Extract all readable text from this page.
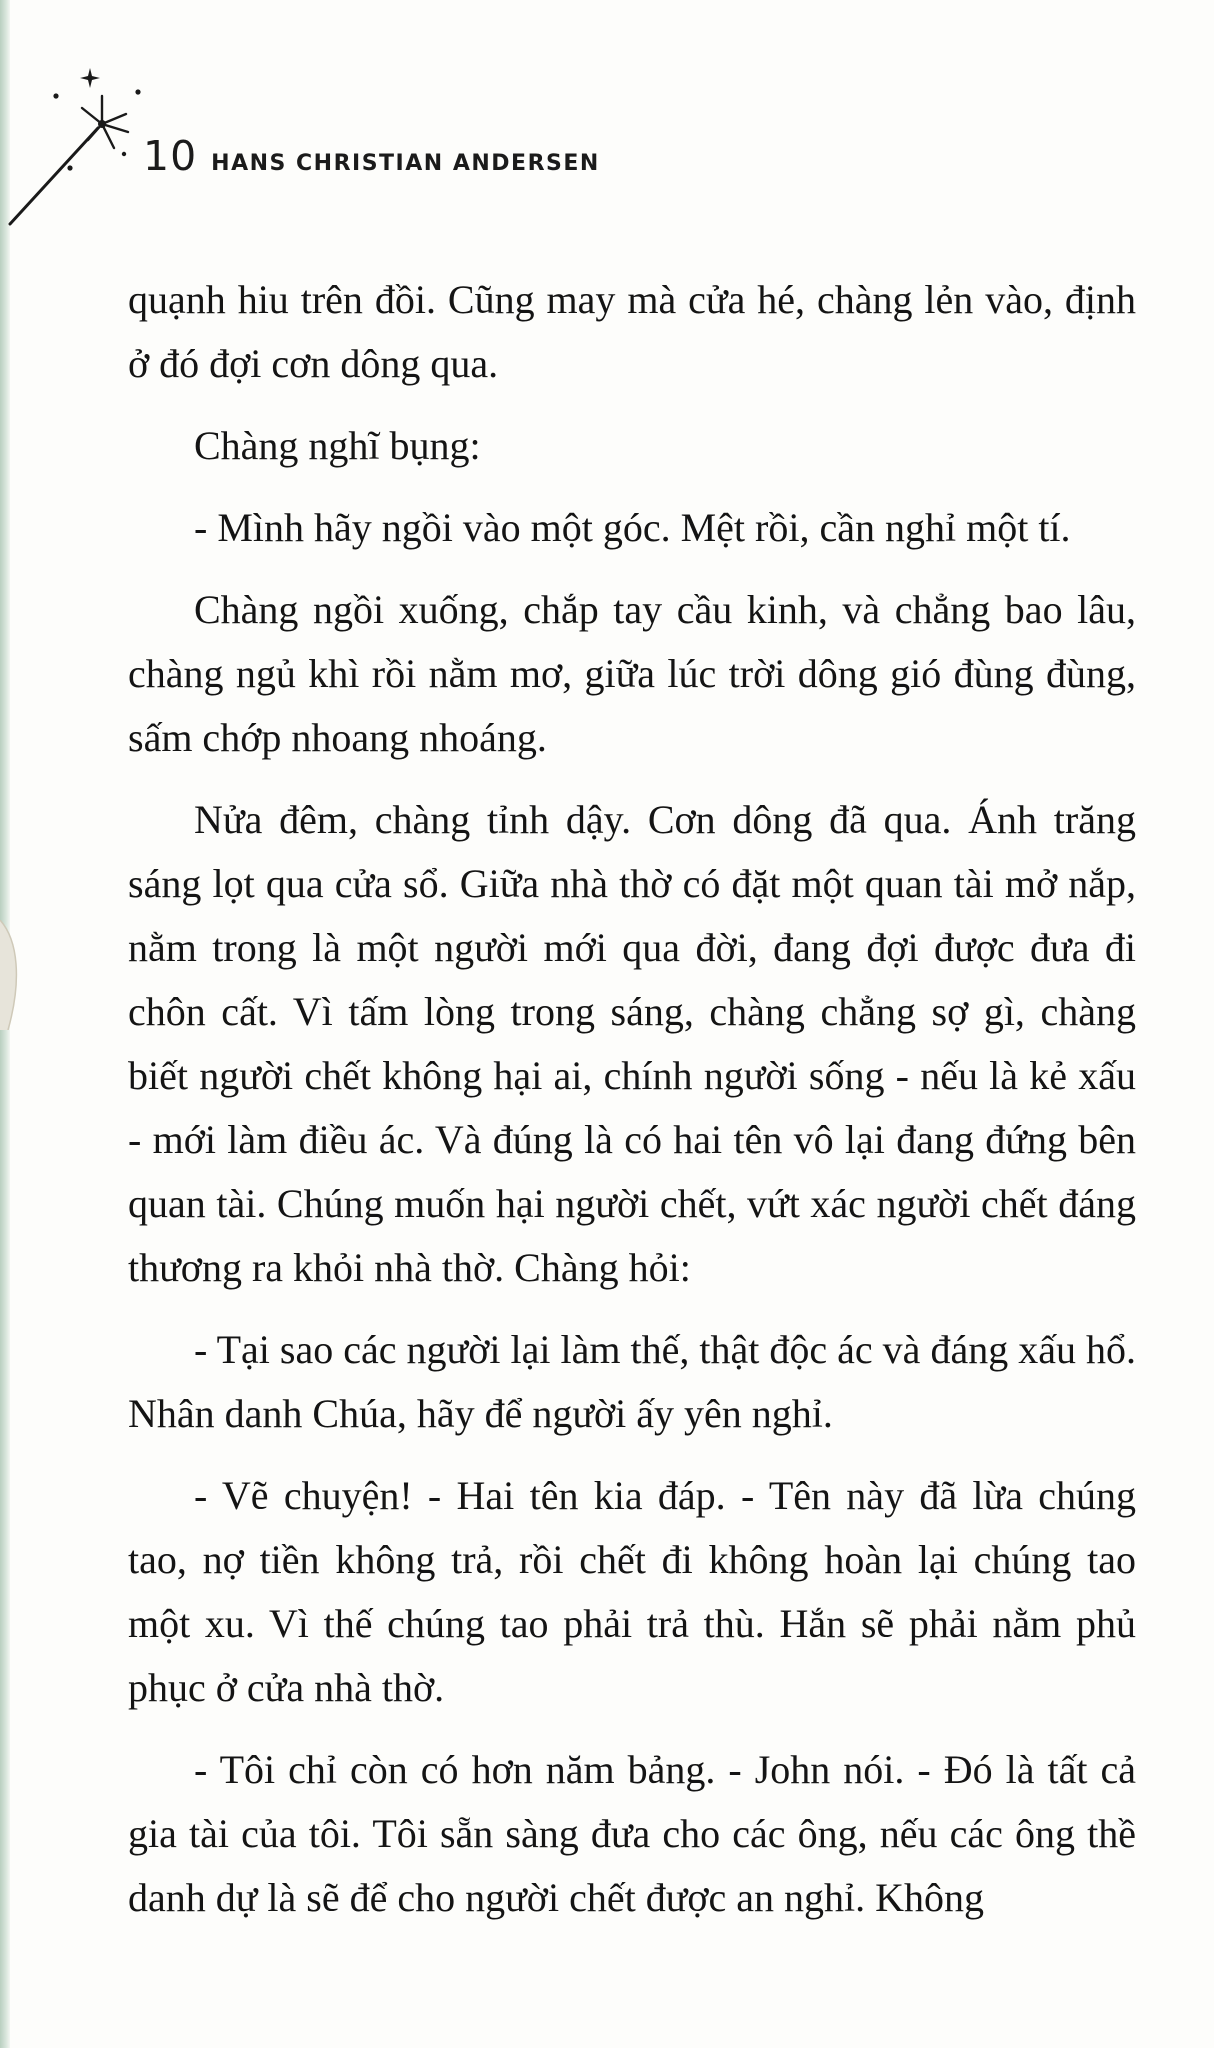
10 HANS CHRISTIAN ANDERSEN

quạnh hiu trên đồi. Cũng may mà cửa hé, chàng lẻn vào, định ở đó đợi cơn dông qua.

Chàng nghĩ bụng:

- Mình hãy ngồi vào một góc. Mệt rồi, cần nghỉ một tí.

Chàng ngồi xuống, chắp tay cầu kinh, và chẳng bao lâu, chàng ngủ khì rồi nằm mơ, giữa lúc trời dông gió đùng đùng, sấm chớp nhoang nhoáng.

Nửa đêm, chàng tỉnh dậy. Cơn dông đã qua. Ánh trăng sáng lọt qua cửa sổ. Giữa nhà thờ có đặt một quan tài mở nắp, nằm trong là một người mới qua đời, đang đợi được đưa đi chôn cất. Vì tấm lòng trong sáng, chàng chẳng sợ gì, chàng biết người chết không hại ai, chính người sống - nếu là kẻ xấu - mới làm điều ác. Và đúng là có hai tên vô lại đang đứng bên quan tài. Chúng muốn hại người chết, vứt xác người chết đáng thương ra khỏi nhà thờ. Chàng hỏi:

- Tại sao các người lại làm thế, thật độc ác và đáng xấu hổ. Nhân danh Chúa, hãy để người ấy yên nghỉ.

- Vẽ chuyện! - Hai tên kia đáp. - Tên này đã lừa chúng tao, nợ tiền không trả, rồi chết đi không hoàn lại chúng tao một xu. Vì thế chúng tao phải trả thù. Hắn sẽ phải nằm phủ phục ở cửa nhà thờ.

- Tôi chỉ còn có hơn năm bảng. - John nói. - Đó là tất cả gia tài của tôi. Tôi sẵn sàng đưa cho các ông, nếu các ông thề danh dự là sẽ để cho người chết được an nghỉ. Không
